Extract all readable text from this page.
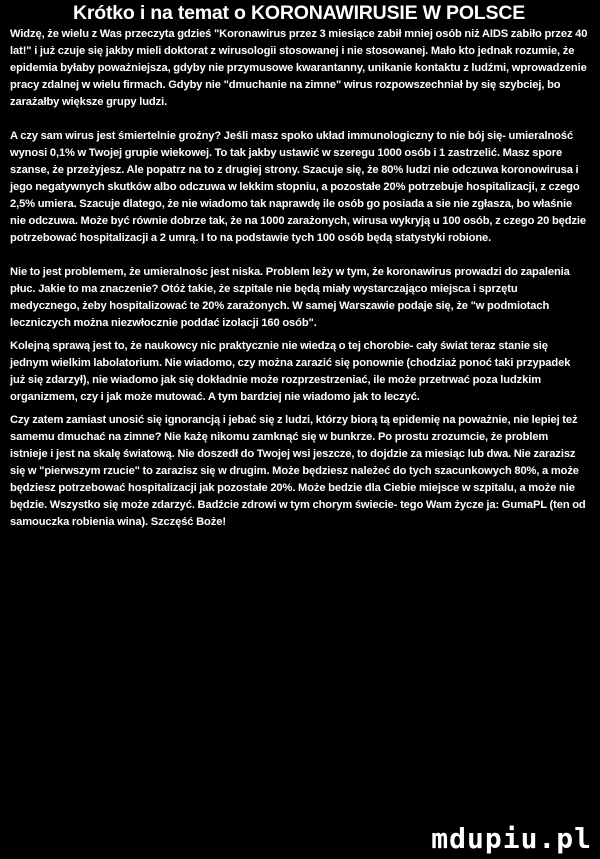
Krótko i na temat o KORONAWIRUSIE W POLSCE

Widzę, że wielu z Was przeczyta gdzieś "Koronawirus przez 3 miesiące zabił mniej osób niż AIDS zabiło przez 40 lat!" i już czuje się jakby mieli doktorat z wirusologii stosowanej i nie stosowanej. Mało kto jednak rozumie, że epidemia byłaby poważniejsza, gdyby nie przymusowe kwarantanny, unikanie kontaktu z ludźmi, wprowadzenie pracy zdalnej w wielu firmach. Gdyby nie "dmuchanie na zimne" wirus rozpowszechniał by się szybciej, bo zarażałby większe grupy ludzi.

A czy sam wirus jest śmiertelnie groźny? Jeśli masz spoko układ immunologiczny to nie bój się- umieralność wynosi 0,1% w Twojej grupie wiekowej. To tak jakby ustawić w szeregu 1000 osób i 1 zastrzelić. Masz spore szanse, że przeżyjesz. Ale popatrz na to z drugiej strony. Szacuje się, że 80% ludzi nie odczuwa koronowirusa i jego negatywnych skutków albo odczuwa w lekkim stopniu, a pozostałe 20% potrzebuje hospitalizacji, z czego 2,5% umiera. Szacuje dlatego, że nie wiadomo tak naprawdę ile osób go posiada a sie nie zgłasza, bo właśnie nie odczuwa. Może być równie dobrze tak, że na 1000 zarażonych, wirusa wykryją u 100 osób, z czego 20 będzie potrzebować hospitalizacji a 2 umrą. I to na podstawie tych 100 osób będą statystyki robione.

Nie to jest problemem, że umieralnośc jest niska. Problem leży w tym, że koronawirus prowadzi do zapalenia płuc. Jakie to ma znaczenie? Otóż takie, że szpitale nie będą miały wystarczająco miejsca i sprzętu medycznego, żeby hospitalizować te 20% zarażonych. W samej Warszawie podaje się, że "w podmiotach leczniczych można niezwłocznie poddać izolacji 160 osób".

Kolejną sprawą jest to, że naukowcy nic praktycznie nie wiedzą o tej chorobie- cały świat teraz stanie się jednym wielkim labolatorium. Nie wiadomo, czy można zarazić się ponownie (chodziaż ponoć taki przypadek już się zdarzył), nie wiadomo jak się dokładnie może rozprzestrzeniać, ile może przetrwać poza ludzkim organizmem, czy i jak może mutować. A tym bardziej nie wiadomo jak to leczyć.

Czy zatem zamiast unosić się ignorancją i jebać się z ludzi, którzy biorą tą epidemię na poważnie, nie lepiej też samemu dmuchać na zimne? Nie każę nikomu zamknąć się w bunkrze. Po prostu zrozumcie, że problem istnieje i jest na skalę światową. Nie doszedł do Twojej wsi jeszcze, to dojdzie za miesiąc lub dwa. Nie zarazisz się w "pierwszym rzucie" to zarazisz się w drugim. Może będziesz należeć do tych szacunkowych 80%, a może będziesz potrzebować hospitalizacji jak pozostałe 20%. Może bedzie dla Ciebie miejsce w szpitalu, a może nie będzie. Wszystko się może zdarzyć. Badźcie zdrowi w tym chorym świecie- tego Wam życze ja: GumaPL (ten od samouczka robienia wina). Szczęść Boże!

mdupiu.pl
